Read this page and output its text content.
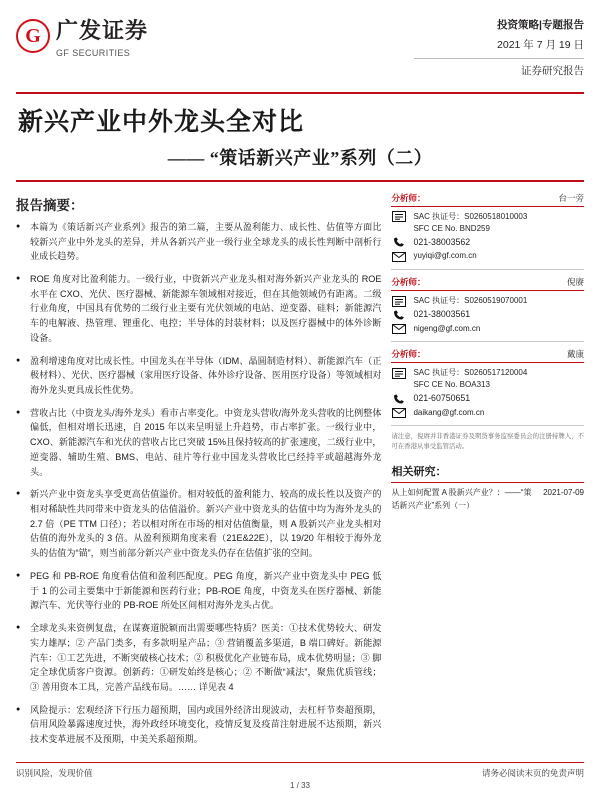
G 广发证券
GF SECURITIES
投资策略|专题报告
2021 年 7 月 19 日
证券研究报告
新兴产业中外龙头全对比
—— “策话新兴产业”系列（二）
报告摘要：
● 本篇为《策话新兴产业系列》报告的第二篇，主要从盈利能力、成长性、估值等方面比较新兴产业中外龙头的差异，并从各新兴产业一级行业全球龙头的成长性判断中剖析行业成长趋势。
● ROE 角度对比盈利能力。一级行业，中资新兴产业龙头相对海外新兴产业龙头的 ROE 水平在 CXO、光伏、医疗器械、新能源车领域相对接近，但在其他领域仍有距离。二级行业角度，中国具有优势的二级行业主要有光伏领域的电站、逆变器、硅料；新能源汽车的电解液、热管理、锂重化、电控；半导体的封装材料；以及医疗器械中的体外诊断设备。
● 盈利增速角度对比成长性。中国龙头在半导体（IDM、晶圆制造材料）、新能源汽车（正极材料）、光伏、医疗器械（家用医疗设备、体外诊疗设备、医用医疗设备）等领域相对海外龙头更具成长性优势。
● 营收占比（中资龙头/海外龙头）看市占率变化。中资龙头营收/海外龙头营收的比例整体偏低，但相对增长迅速，自 2015 年以来呈明显上升趋势，市占率扩张。一级行业中，CXO、新能源汽车和光伏的营收占比已突破 15%且保持较高的扩张速度，二级行业中，逆变器、辅助生殖、BMS、电站、硅片等行业中国龙头营收比已经持平或超越海外龙头。
● 新兴产业中资龙头享受更高估值溢价。相对较低的盈利能力、较高的成长性以及资产的相对稀缺性共同带来中资龙头的估值溢价。新兴产业中资龙头的估值中均为海外龙头的 2.7 倍（PE TTM 口径）；若以相对所在市场的相对估值衡量，则 A 股新兴产业龙头相对估值的海外龙头的 3 倍。从盈利预期角度来看（21E&22E），以 19/20 年相较于海外龙头的估值为“锚”，则当前部分新兴产业中资龙头仍存在估值扩张的空间。
● PEG 和 PB-ROE 角度看估值和盈利匹配度。PEG 角度，新兴产业中资龙头中 PEG 低于 1 的公司主要集中于新能源和医药行业；PB-ROE 角度，中资龙头在医疗器械、新能源汽车、光伏等行业的 PB-ROE 所处区间相对海外龙头占优。
● 全球龙头来资例复盘，在谋赛道脱颖而出需要哪些特质？医美：①技术优势较大、研发实力雄厚；② 产品门类多，有多款明星产品；③ 营销覆盖多渠道，B 端口碑好。新能源汽车：①工艺先进，不断突破核心技术；② 积极优化产业链布局，成本优势明显；③ 脚定全球优质客户资源。创新药：①研发始终是核心；② 不断做“减法”，聚焦优质管线；③ 善用资本工具，完善产品线布局。…… 详见表 4
● 风险提示：宏观经济下行压力超预期，国内或国外经济出现波动，去杠杆节奏超预期，信用风险暴露速度过快，海外政经环境变化，疫情反复及疫苗注射进展不达预期，新兴技术变革进展不及预期，中美关系超预期。
分析师：	台一旁
SAC 执证号：S0260518010003
SFC CE No. BND259
021-38003562
yuyiqi@gf.com.cn
分析师：	倪赓
SAC 执证号：S0260519070001
021-38003561
nigeng@gf.com.cn
分析师：	戴康
SAC 执证号：S0260517120004
SFC CE No. BOA313
021-60750651
daikang@gf.com.cn
请注意，倪赓并非香港证券及期货事务监察委员会的注册持牌人，不可在香港从事受监管活动。
相关研究：
从上如何配置 A 股新兴产业？：——“策话新兴产业”系列（一）
2021-07-09
识别风险，发现价值	请务必阅读末页的免责声明
1 / 33
